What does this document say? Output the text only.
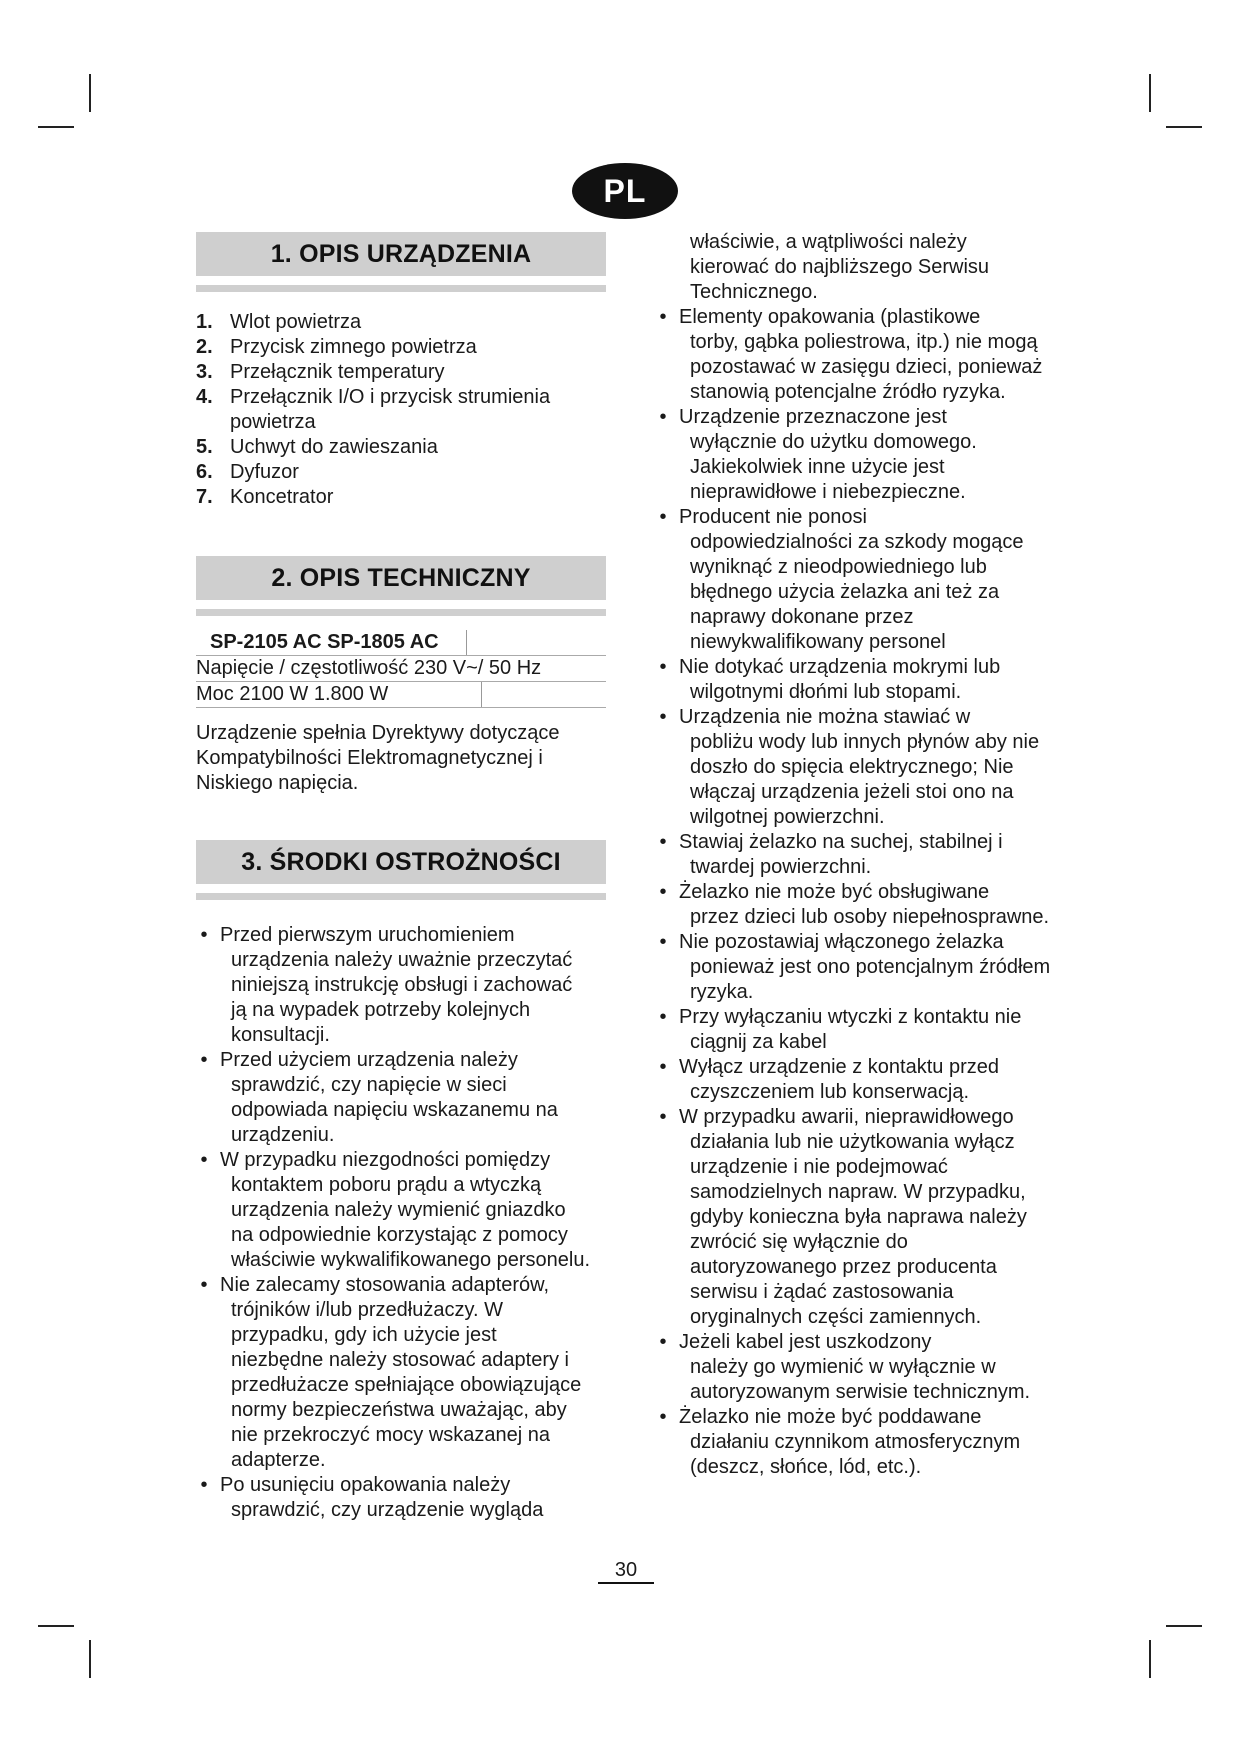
PL
1. OPIS URZĄDZENIA
1. Wlot powietrza
2. Przycisk zimnego powietrza
3. Przełącznik temperatury
4. Przełącznik I/O i przycisk strumienia powietrza
5. Uchwyt do zawieszania
6. Dyfuzor
7. Koncetrator
2. OPIS TECHNICZNY
SP-2105 AC SP-1805 AC
Napięcie / częstotliwość 230 V~/ 50 Hz
Moc 2100 W 1.800 W
Urządzenie spełnia Dyrektywy dotyczące Kompatybilności Elektromagnetycznej i Niskiego napięcia.
3. ŚRODKI OSTROŻNOŚCI
• Przed pierwszym uruchomieniem
urządzenia należy uważnie przeczytać niniejszą instrukcję obsługi i zachować ją na wypadek potrzeby kolejnych konsultacji.
• Przed użyciem urządzenia należy
sprawdzić, czy napięcie w sieci odpowiada napięciu wskazanemu na urządzeniu.
• W przypadku niezgodności pomiędzy
kontaktem poboru prądu a wtyczką urządzenia należy wymienić gniazdko na odpowiednie korzystając z pomocy właściwie wykwalifikowanego personelu.
• Nie zalecamy stosowania adapterów,
trójników i/lub przedłużaczy. W przypadku, gdy ich użycie jest niezbędne należy stosować adaptery i przedłużacze spełniające obowiązujące normy bezpieczeństwa uważając, aby nie przekroczyć mocy wskazanej na adapterze.
• Po usunięciu opakowania należy
sprawdzić, czy urządzenie wygląda
właściwie, a wątpliwości należy kierować do najbliższego Serwisu Technicznego.
• Elementy opakowania (plastikowe
torby, gąbka poliestrowa, itp.) nie mogą pozostawać w zasięgu dzieci, ponieważ stanowią potencjalne źródło ryzyka.
• Urządzenie przeznaczone jest
wyłącznie do użytku domowego. Jakiekolwiek inne użycie jest nieprawidłowe i niebezpieczne.
• Producent nie ponosi
odpowiedzialności za szkody mogące wyniknąć z nieodpowiedniego lub błędnego użycia żelazka ani też za naprawy dokonane przez niewykwalifikowany personel
• Nie dotykać urządzenia mokrymi lub
wilgotnymi dłońmi lub stopami.
• Urządzenia nie można stawiać w
pobliżu wody lub innych płynów aby nie doszło do spięcia elektrycznego; Nie włączaj urządzenia jeżeli stoi ono na wilgotnej powierzchni.
• Stawiaj żelazko na suchej, stabilnej i
twardej powierzchni.
• Żelazko nie może być obsługiwane
przez dzieci lub osoby niepełnosprawne.
• Nie pozostawiaj włączonego żelazka
ponieważ jest ono potencjalnym źródłem ryzyka.
• Przy wyłączaniu wtyczki z kontaktu nie
ciągnij za kabel
• Wyłącz urządzenie z kontaktu przed
czyszczeniem lub konserwacją.
• W przypadku awarii, nieprawidłowego
działania lub nie użytkowania wyłącz urządzenie i nie podejmować samodzielnych napraw. W przypadku, gdyby konieczna była naprawa należy zwrócić się wyłącznie do autoryzowanego przez producenta serwisu i żądać zastosowania oryginalnych części zamiennych.
• Jeżeli kabel jest uszkodzony
należy go wymienić w wyłącznie w autoryzowanym serwisie technicznym.
• Żelazko nie może być poddawane
działaniu czynnikom atmosferycznym (deszcz, słońce, lód, etc.).
30
